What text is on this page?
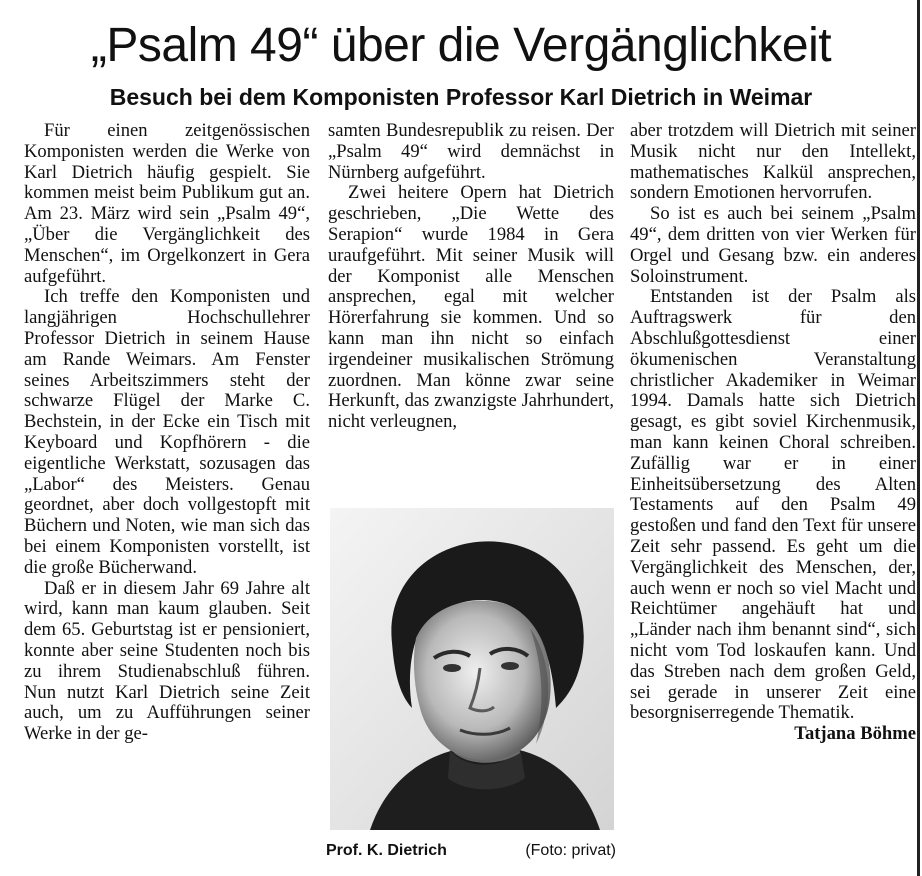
„Psalm 49“ über die Vergänglichkeit
Besuch bei dem Komponisten Professor Karl Dietrich in Weimar

Für einen zeitgenössischen Komponisten werden die Werke von Karl Dietrich häufig gespielt. Sie kommen meist beim Publikum gut an. Am 23. März wird sein „Psalm 49“, „Über die Vergänglichkeit des Menschen“, im Orgelkonzert in Gera aufgeführt.

Ich treffe den Komponisten und langjährigen Hochschullehrer Professor Dietrich in seinem Hause am Rande Weimars. Am Fenster seines Arbeitszimmers steht der schwarze Flügel der Marke C. Bechstein, in der Ecke ein Tisch mit Keyboard und Kopfhörern - die eigentliche Werkstatt, sozusagen das „Labor“ des Meisters. Genau geordnet, aber doch vollgestopft mit Büchern und Noten, wie man sich das bei einem Komponisten vorstellt, ist die große Bücherwand.

Daß er in diesem Jahr 69 Jahre alt wird, kann man kaum glauben. Seit dem 65. Geburtstag ist er pensioniert, konnte aber seine Studenten noch bis zu ihrem Studienabschluß führen. Nun nutzt Karl Dietrich seine Zeit auch, um zu Aufführungen seiner Werke in der ge-

samten Bundesrepublik zu reisen. Der „Psalm 49“ wird demnächst in Nürnberg aufgeführt.

Zwei heitere Opern hat Dietrich geschrieben, „Die Wette des Serapion“ wurde 1984 in Gera uraufgeführt. Mit seiner Musik will der Komponist alle Menschen ansprechen, egal mit welcher Hörerfahrung sie kommen. Und so kann man ihn nicht so einfach irgendeiner musikalischen Strömung zuordnen. Man könne zwar seine Herkunft, das zwanzigste Jahrhundert, nicht verleugnen,

Prof. K. Dietrich	(Foto: privat)

aber trotzdem will Dietrich mit seiner Musik nicht nur den Intellekt, mathematisches Kalkül ansprechen, sondern Emotionen hervorrufen.

So ist es auch bei seinem „Psalm 49“, dem dritten von vier Werken für Orgel und Gesang bzw. ein anderes Soloinstrument.

Entstanden ist der Psalm als Auftragswerk für den Abschlußgottesdienst einer ökumenischen Veranstaltung christlicher Akademiker in Weimar 1994. Damals hatte sich Dietrich gesagt, es gibt soviel Kirchenmusik, man kann keinen Choral schreiben. Zufällig war er in einer Einheitsübersetzung des Alten Testaments auf den Psalm 49 gestoßen und fand den Text für unsere Zeit sehr passend. Es geht um die Vergänglichkeit des Menschen, der, auch wenn er noch so viel Macht und Reichtümer angehäuft hat und „Länder nach ihm benannt sind“, sich nicht vom Tod loskaufen kann. Und das Streben nach dem großen Geld, sei gerade in unserer Zeit eine besorgniserregende Thematik.
Tatjana Böhme
